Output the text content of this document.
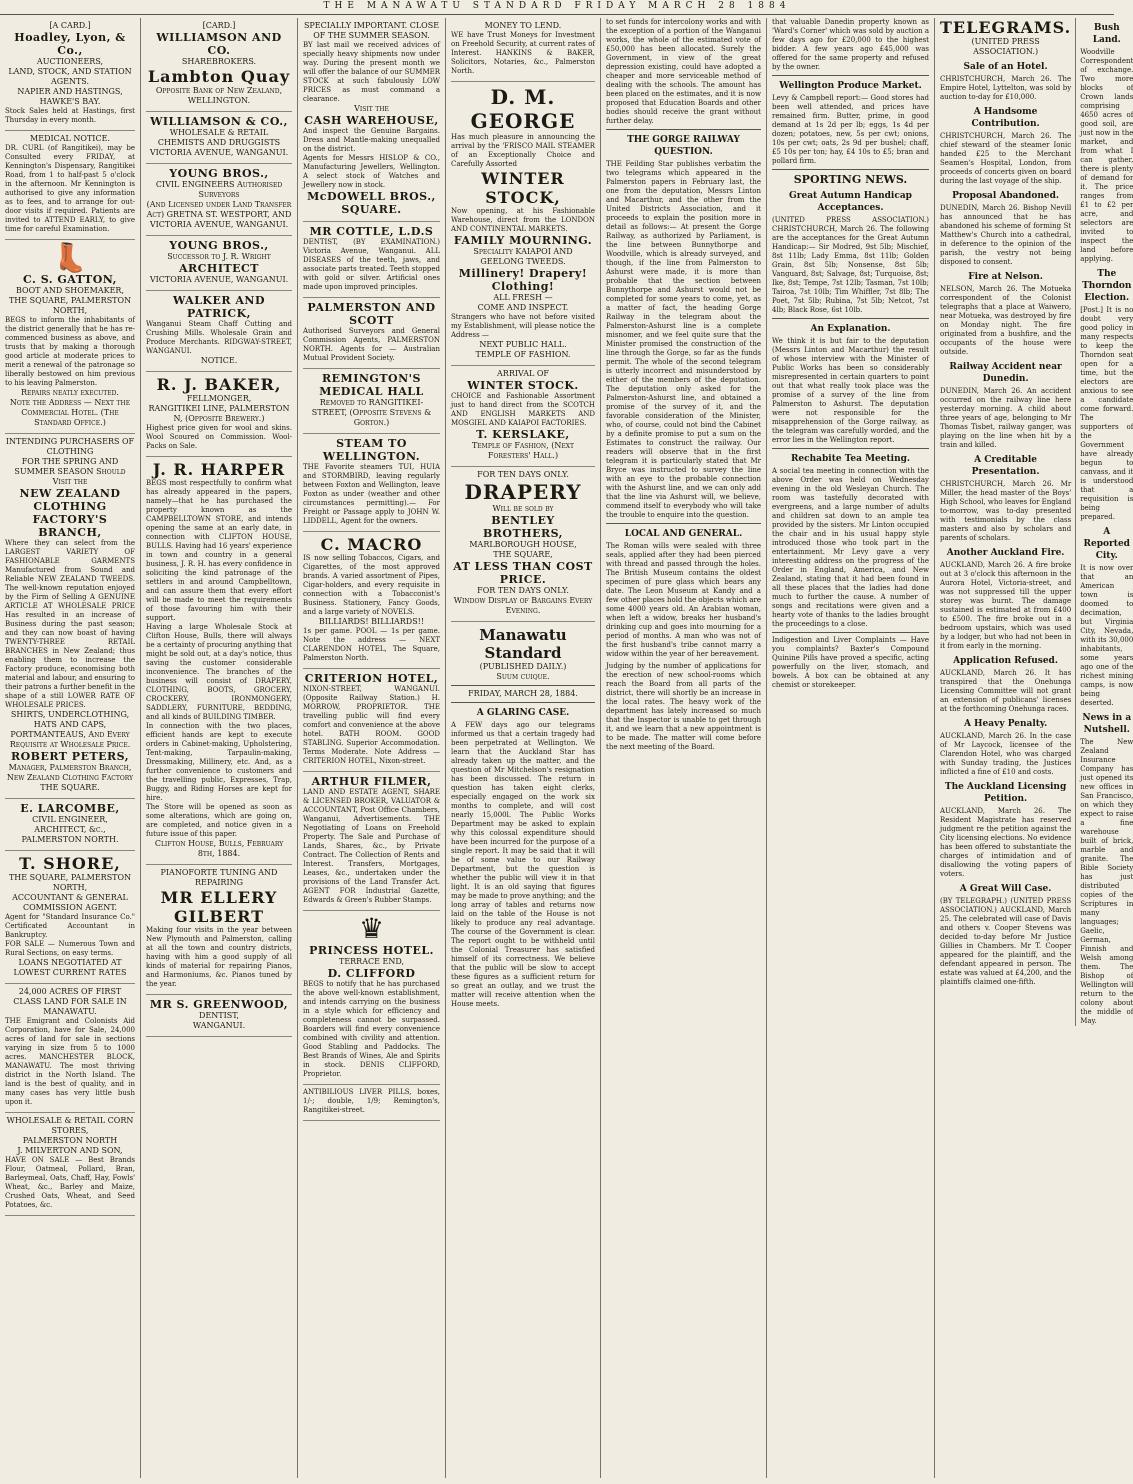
THE MANAWATU STANDARD FRIDAY MARCH 28 1884
[A CARD.]
Hoadley, Lyon, & Co.,
AUCTIONEERS,
LAND, STOCK, AND STATION AGENTS.
NAPIER AND HASTINGS, HAWKE'S BAY.
Stock Sales held at Hastings, first Thursday in every month.
MEDICAL NOTICE.
DR. CURL (of Rangitikei), may be Consulted every FRIDAY, at Kennington's Dispensary, Rangitikei Road, from 1 to half-past 5 o'clock in the afternoon. Mr Kennington is authorised to give any information as to fees, and to arrange for out-door visits if required. Patients are invited to ATTEND EARLY, to give time for careful Examination.
👢
C. S. GATTON,
BOOT AND SHOEMAKER,
THE SQUARE, PALMERSTON NORTH,
BEGS to inform the inhabitants of the district generally that he has re-commenced business as above, and trusts that by making a thorough good article at moderate prices to merit a renewal of the patronage so liberally bestowed on him previous to his leaving Palmerston.
Repairs neatly executed.
Note the Address — Next the Commercial Hotel. (The Standard Office.)
INTENDING PURCHASERS OF CLOTHING
FOR THE SPRING AND SUMMER SEASON Should Visit the
NEW ZEALAND CLOTHING FACTORY'S BRANCH,
Where they can select from the LARGEST VARIETY OF FASHIONABLE GARMENTS Manufactured from Sound and Reliable NEW ZEALAND TWEEDS. The well-known reputation enjoyed by the Firm of Selling A GENUINE ARTICLE AT WHOLESALE PRICE Has resulted in an increase of Business during the past season; and they can now boast of having TWENTY-THREE RETAIL BRANCHES in New Zealand; thus enabling them to increase the Factory produce, economising both material and labour, and ensuring to their patrons a further benefit in the shape of a still LOWER RATE OF WHOLESALE PRICES.
SHIRTS, UNDERCLOTHING, HATS AND CAPS, PORTMANTEAUS, And Every Requisite at Wholesale Price.
ROBERT PETERS,
Manager, Palmerston Branch, New Zealand Clothing Factory THE SQUARE.
E. LARCOMBE,
CIVIL ENGINEER, ARCHITECT, &c.,
PALMERSTON NORTH.
T. SHORE,
THE SQUARE, PALMERSTON NORTH,
ACCOUNTANT & GENERAL COMMISSION AGENT.
Agent for "Standard Insurance Co." Certificated Accountant in Bankruptcy.
FOR SALE — Numerous Town and Rural Sections, on easy terms.
LOANS NEGOTIATED AT LOWEST CURRENT RATES
24,000 ACRES OF FIRST CLASS LAND FOR SALE IN MANAWATU.
THE Emigrant and Colonists Aid Corporation, have for Sale, 24,000 acres of land for sale in sections varying in size from 5 to 1000 acres. MANCHESTER BLOCK, MANAWATU. The most thriving district in the North Island. The land is the best of quality, and in many cases has very little bush upon it.
WHOLESALE & RETAIL CORN STORES,
PALMERSTON NORTH
J. MILVERTON AND SON,
HAVE ON SALE — Best Brands Flour, Oatmeal, Pollard, Bran, Barleymeal, Oats, Chaff, Hay, Fowls' Wheat, &c., Barley and Maize, Crushed Oats, Wheat, and Seed Potatoes, &c.
[CARD.]
WILLIAMSON AND CO.
SHAREBROKERS.
Lambton Quay
Opposite Bank of New Zealand, WELLINGTON.
WILLIAMSON & CO.,
WHOLESALE & RETAIL CHEMISTS AND DRUGGISTS
VICTORIA AVENUE, WANGANUI.
YOUNG BROS.,
CIVIL ENGINEERS Authorised Surveyors
(And Licensed under Land Transfer Act) GRETNA ST. WESTPORT, AND VICTORIA AVENUE, WANGANUI.
YOUNG BROS.,
Successor to J. R. Wright
ARCHITECT
VICTORIA AVENUE, WANGANUI.
WALKER AND PATRICK,
Wanganui Steam Chaff Cutting and Crushing Mills. Wholesale Grain and Produce Merchants. RIDGWAY-STREET, WANGANUI.
NOTICE.
R. J. BAKER,
FELLMONGER,
RANGITIKEI LINE, PALMERSTON N, (Opposite Brewery.)
Highest price given for wool and skins. Wool Scoured on Commission. Wool-Packs on Sale.
J. R. HARPER
BEGS most respectfully to confirm what has already appeared in the papers, namely—that he has purchased the property known as the CAMPBELLTOWN STORE, and intends opening the same at an early date, in connection with CLIFTON HOUSE, BULLS. Having had 16 years' experience in town and country in a general business, J. R. H. has every confidence in soliciting the kind patronage of the settlers in and around Campbelltown, and can assure them that every effort will be made to meet the requirements of those favouring him with their support.
Having a large Wholesale Stock at Clifton House, Bulls, there will always be a certainty of procuring anything that might be sold out, at a day's notice, thus saving the customer considerable inconvenience. The branches of the business will consist of DRAPERY, CLOTHING, BOOTS, GROCERY, CROCKERY, IRONMONGERY, SADDLERY, FURNITURE, BEDDING, and all kinds of BUILDING TIMBER.
In connection with the two places, efficient hands are kept to execute orders in Cabinet-making, Upholstering, Tent-making, Tarpaulin-making, Dressmaking, Millinery, etc. And, as a further convenience to customers and the travelling public, Expresses, Trap, Buggy, and Riding Horses are kept for hire.
The Store will be opened as soon as some alterations, which are going on, are completed, and notice given in a future issue of this paper.
Clifton House, Bulls, February 8th, 1884.
PIANOFORTE TUNING AND REPAIRING
MR ELLERY GILBERT
Making four visits in the year between New Plymouth and Palmerston, calling at all the town and country districts, having with him a good supply of all kinds of material for repairing Pianos, and Harmoniums, &c. Pianos tuned by the year.
MR S. GREENWOOD,
DENTIST,
WANGANUI.
SPECIALLY IMPORTANT. CLOSE OF THE SUMMER SEASON.
BY last mail we received advices of specially heavy shipments now under way. During the present month we will offer the balance of our SUMMER STOCK at such fabulously LOW PRICES as must command a clearance.
Visit the
CASH WAREHOUSE,
And inspect the Genuine Bargains. Dress and Mantle-making unequalled on the district.
Agents for Messrs HISLOP & CO., Manufacturing Jewellers, Wellington. A select stock of Watches and Jewellery now in stock.
McDOWELL BROS., SQUARE.
MR COTTLE, L.D.S
DENTIST, (BY EXAMINATION.) Victoria Avenue, Wanganui. ALL DISEASES of the teeth, jaws, and associate parts treated. Teeth stopped with gold or silver. Artificial ones made upon improved principles.
PALMERSTON AND SCOTT
Authorised Surveyors and General Commission Agents, PALMERSTON NORTH. Agents for — Australian Mutual Provident Society.
REMINGTON'S
MEDICAL HALL
Removed to RANGITIKEI-STREET, (Opposite Stevens & Gorton.)
STEAM TO WELLINGTON.
THE Favorite steamers TUI, HUIA and STORMBIRD, leaving regularly between Foxton and Wellington, leave Foxton as under (weather and other circumstances permitting).— For Freight or Passage apply to JOHN W. LIDDELL, Agent for the owners.
C. MACRO
IS now selling Tobaccos, Cigars, and Cigarettes, of the most approved brands. A varied assortment of Pipes, Cigar-holders, and every requisite in connection with a Tobacconist's Business. Stationery, Fancy Goods, and a large variety of NOVELS.
BILLIARDS! BILLIARDS!!
1s per game. POOL — 1s per game. Note the address — NEXT CLARENDON HOTEL, The Square, Palmerston North.
CRITERION HOTEL,
NIXON-STREET, WANGANUI. (Opposite Railway Station.) H. MORROW, PROPRIETOR. THE travelling public will find every comfort and convenience at the above hotel. BATH ROOM. GOOD STABLING. Superior Accommodation. Terms Moderate. Note Address — CRITERION HOTEL, Nixon-street.
ARTHUR FILMER,
LAND AND ESTATE AGENT, SHARE & LICENSED BROKER, VALUATOR & ACCOUNTANT, Post Office Chambers, Wanganui, Advertisements. THE Negotiating of Loans on Freehold Property. The Sale and Purchase of Lands, Shares, &c., by Private Contract. The Collection of Rents and Interest. Transfers, Mortgages, Leases, &c., undertaken under the provisions of the Land Transfer Act. AGENT FOR Industrial Gazette, Edwards & Green's Rubber Stamps.
♛
PRINCESS HOTEL.
TERRACE END,
D. CLIFFORD
BEGS to notify that he has purchased the above well-known establishment, and intends carrying on the business in a style which for efficiency and completeness cannot be surpassed. Boarders will find every convenience combined with civility and attention. Good Stabling and Paddocks. The Best Brands of Wines, Ale and Spirits in stock. DENIS CLIFFORD, Proprietor.
ANTIBILIOUS LIVER PILLS, boxes, 1/-; double, 1/9; Remington's, Rangitikei-street.
MONEY TO LEND.
WE have Trust Moneys for Investment on Freehold Security, at current rates of Interest. HANKINS & BAKER, Solicitors, Notaries, &c., Palmerston North.
D. M. GEORGE
Has much pleasure in announcing the arrival by the 'FRISCO MAIL STEAMER of an Exceptionally Choice and Carefully Assorted
WINTER STOCK,
Now opening, at his Fashionable Warehouse, direct from the LONDON AND CONTINENTAL MARKETS.
FAMILY MOURNING.
Speciality KAIAPOI AND GEELONG TWEEDS.
Millinery! Drapery! Clothing!
ALL FRESH —
COME AND INSPECT.
Strangers who have not before visited my Establishment, will please notice the Address —
NEXT PUBLIC HALL.
TEMPLE OF FASHION.
ARRIVAL OF
WINTER STOCK.
CHOICE and Fashionable Assortment just to hand direct from the SCOTCH AND ENGLISH MARKETS AND MOSGIEL AND KAIAPOI FACTORIES.
T. KERSLAKE,
Temple of Fashion, (Next Foresters' Hall.)
FOR TEN DAYS ONLY.
DRAPERY
Will be sold by
BENTLEY BROTHERS,
MARLBOROUGH HOUSE,
THE SQUARE,
AT LESS THAN COST PRICE.
FOR TEN DAYS ONLY.
Window Display of Bargains Every Evening.
Manawatu Standard
(PUBLISHED DAILY.)
Suum cuique.
FRIDAY, MARCH 28, 1884.
A GLARING CASE.
A FEW days ago our telegrams informed us that a certain tragedy had been perpetrated at Wellington. We learn that the Auckland Star has already taken up the matter, and the question of Mr Mitchelson's resignation has been discussed. The return in question has taken eight clerks, especially engaged on the work six months to complete, and will cost nearly 15,000l. The Public Works Department may be asked to explain why this colossal expenditure should have been incurred for the purpose of a single report. It may be said that it will be of some value to our Railway Department, but the question is whether the public will view it in that light. It is an old saying that figures may be made to prove anything; and the long array of tables and returns now laid on the table of the House is not likely to produce any real advantage. The course of the Government is clear. The report ought to be withheld until the Colonial Treasurer has satisfied himself of its correctness. We believe that the public will be slow to accept these figures as a sufficient return for so great an outlay, and we trust the matter will receive attention when the House meets.
to set funds for intercolony works and with the exception of a portion of the Wanganui works, the whole of the estimated vote of £50,000 has been allocated. Surely the Government, in view of the great depression existing, could have adopted a cheaper and more serviceable method of dealing with the schools. The amount has been placed on the estimates, and it is now proposed that Education Boards and other bodies should receive the grant without further delay.
THE GORGE RAILWAY QUESTION.
THE Feilding Star publishes verbatim the two telegrams which appeared in the Palmerston papers in February last, the one from the deputation, Messrs Linton and Macarthur, and the other from the United Districts Association, and it proceeds to explain the position more in detail as follows:— At present the Gorge Railway, as authorized by Parliament, is the line between Bunnythorpe and Woodville, which is already surveyed, and though, if the line from Palmerston to Ashurst were made, it is more than probable that the section between Bunnythorpe and Ashurst would not be completed for some years to come, yet, as a matter of fact, the heading Gorge Railway in the telegram about the Palmerston-Ashurst line is a complete misnomer, and we feel quite sure that the Minister promised the construction of the line through the Gorge, so far as the funds permit. The whole of the second telegram is utterly incorrect and misunderstood by either of the members of the deputation. The deputation only asked for the Palmerston-Ashurst line, and obtained a promise of the survey of it, and the favorable consideration of the Minister, who, of course, could not bind the Cabinet by a definite promise to put a sum on the Estimates to construct the railway. Our readers will observe that in the first telegram it is particularly stated that Mr Bryce was instructed to survey the line with an eye to the probable connection with the Ashurst line, and we can only add that the line via Ashurst will, we believe, commend itself to everybody who will take the trouble to enquire into the question.
LOCAL AND GENERAL.
The Roman wills were sealed with three seals, applied after they had been pierced with thread and passed through the holes. The British Museum contains the oldest specimen of pure glass which bears any date. The Leon Museum at Kandy and a few other places hold the objects which are some 4000 years old. An Arabian woman, when left a widow, breaks her husband's drinking cup and goes into mourning for a period of months. A man who was not of the first husband's tribe cannot marry a widow within the year of her bereavement.
Judging by the number of applications for the erection of new school-rooms which reach the Board from all parts of the district, there will shortly be an increase in the local rates. The heavy work of the department has lately increased so much that the Inspector is unable to get through it, and we learn that a new appointment is to be made. The matter will come before the next meeting of the Board.
that valuable Danedin property known as 'Ward's Corner' which was sold by auction a few days ago for £20,000 to the highest bidder. A few years ago £45,000 was offered for the same property and refused by the owner.
Wellington Produce Market.
Levy & Campbell report:— Good stores had been well attended, and prices have remained firm. Butter, prime, in good demand at 1s 2d per lb; eggs, 1s 4d per dozen; potatoes, new, 5s per cwt; onions, 10s per cwt; oats, 2s 9d per bushel; chaff, £5 10s per ton; hay, £4 10s to £5; bran and pollard firm.
SPORTING NEWS.
Great Autumn Handicap Acceptances.
(UNITED PRESS ASSOCIATION.) CHRISTCHURCH, March 26. The following are the acceptances for the Great Autumn Handicap:— Sir Modred, 9st 5lb; Mischief, 8st 11lb; Lady Emma, 8st 11lb; Golden Grain, 8st 5lb; Nonsense, 8st 5lb; Vanguard, 8st; Salvage, 8st; Turquoise, 8st; Ike, 8st; Tempe, 7st 12lb; Tasman, 7st 10lb; Tairoa, 7st 10lb; Tim Whiffler, 7st 8lb; The Poet, 7st 5lb; Rubina, 7st 5lb; Netcot, 7st 4lb; Black Rose, 6st 10lb.
An Explanation.
We think it is but fair to the deputation (Messrs Linton and Macarthur) the result of whose interview with the Minister of Public Works has been so considerably misrepresented in certain quarters to point out that what really took place was the promise of a survey of the line from Palmerston to Ashurst. The deputation were not responsible for the misapprehension of the Gorge railway, as the telegram was carefully worded, and the error lies in the Wellington report.
Rechabite Tea Meeting.
A social tea meeting in connection with the above Order was held on Wednesday evening in the old Wesleyan Church. The room was tastefully decorated with evergreens, and a large number of adults and children sat down to an ample tea provided by the sisters. Mr Linton occupied the chair and in his usual happy style introduced those who took part in the entertainment. Mr Levy gave a very interesting address on the progress of the Order in England, America, and New Zealand, stating that it had been found in all these places that the ladies had done much to further the cause. A number of songs and recitations were given and a hearty vote of thanks to the ladies brought the proceedings to a close.
Indigestion and Liver Complaints — Have you complaints? Baxter's Compound Quinine Pills have proved a specific, acting powerfully on the liver, stomach, and bowels. A box can be obtained at any chemist or storekeeper.
TELEGRAMS.
(UNITED PRESS ASSOCIATION.)
Sale of an Hotel.
CHRISTCHURCH, March 26. The Empire Hotel, Lyttelton, was sold by auction to-day for £10,000.
A Handsome Contribution.
CHRISTCHURCH, March 26. The chief steward of the steamer Ionic handed £25 to the Merchant Seamen's Hospital, London, from proceeds of concerts given on board during the last voyage of the ship.
Proposal Abandoned.
DUNEDIN, March 26. Bishop Nevill has announced that he has abandoned his scheme of forming St Matthew's Church into a cathedral, in deference to the opinion of the parish, the vestry not being disposed to consent.
Fire at Nelson.
NELSON, March 26. The Motueka correspondent of the Colonist telegraphs that a place at Waiwero, near Motueka, was destroyed by fire on Monday night. The fire originated from a bushfire, and the occupants of the house were outside.
Railway Accident near Dunedin.
DUNEDIN, March 26. An accident occurred on the railway line here yesterday morning. A child about three years of age, belonging to Mr Thomas Tisbet, railway ganger, was playing on the line when hit by a train and killed.
A Creditable Presentation.
CHRISTCHURCH, March 26. Mr Miller, the head master of the Boys' High School, who leaves for England to-morrow, was to-day presented with testimonials by the class masters and also by scholars and parents of scholars.
Another Auckland Fire.
AUCKLAND, March 26. A fire broke out at 3 o'clock this afternoon in the Aurora Hotel, Victoria-street, and was not suppressed till the upper storey was burnt. The damage sustained is estimated at from £400 to £500. The fire broke out in a bedroom upstairs, which was used by a lodger, but who had not been in it from early in the morning.
Application Refused.
AUCKLAND, March 26. It has transpired that the Onehunga Licensing Committee will not grant an extension of publicans' licenses at the forthcoming Onehunga races.
A Heavy Penalty.
AUCKLAND, March 26. In the case of Mr Laycock, licensee of the Clarendon Hotel, who was charged with Sunday trading, the Justices inflicted a fine of £10 and costs.
The Auckland Licensing Petition.
AUCKLAND, March 26. The Resident Magistrate has reserved judgment re the petition against the City licensing elections. No evidence has been offered to substantiate the charges of intimidation and of disallowing the voting papers of voters.
A Great Will Case.
(BY TELEGRAPH.) (UNITED PRESS ASSOCIATION.) AUCKLAND, March 25. The celebrated will case of Davis and others v. Cooper Stevens was decided to-day before Mr Justice Gillies in Chambers. Mr T. Cooper appeared for the plaintiff, and the defendant appeared in person. The estate was valued at £4,200, and the plaintiffs claimed one-fifth.
Bush Land.
Woodville Correspondent of exchange. Two more blocks of Crown lands comprising 4650 acres of good soil, are just now in the market, and from what I can gather, there is plenty of demand for it. The price ranges from £1 to £2 per acre, and selectors are invited to inspect the land before applying.
The Thorndon Election.
[Post.] It is no doubt very good policy in many respects to keep the Thorndon seat open for a time, but the electors are anxious to see a candidate come forward. The supporters of the Government have already begun to canvass, and it is understood that a requisition is being prepared.
A Reported City.
It is now over that an American town is doomed to decimation, but Virginia City, Nevada, with its 30,000 inhabitants, some years ago one of the richest mining camps, is now being deserted.
News in a Nutshell.
The New Zealand Insurance Company has just opened its new offices in San Francisco, on which they expect to raise a fine warehouse built of brick, marble and granite. The Bible Society has just distributed copies of the Scriptures in many languages; Gaelic, German, Finnish and Welsh among them. The Bishop of Wellington will return to the colony about the middle of May.
